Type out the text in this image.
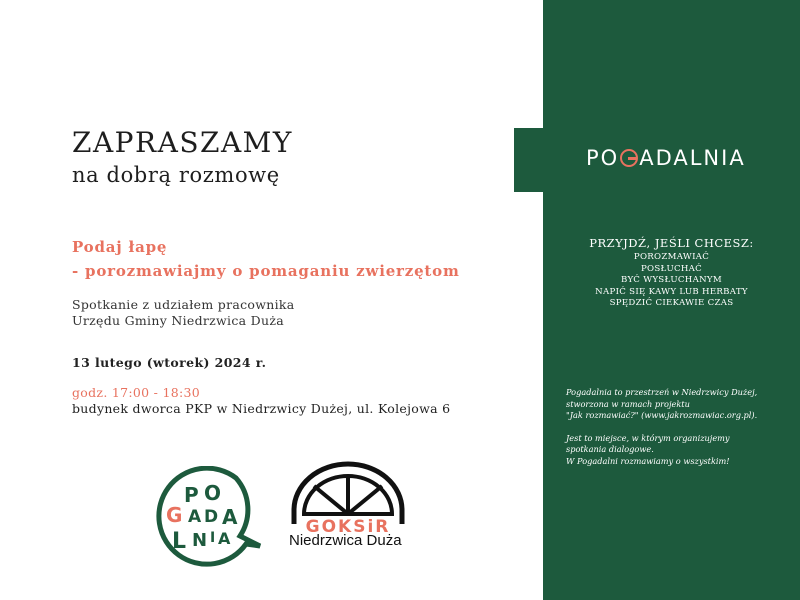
PO ADALNIA
PRZYJDŹ, JEŚLI CHCESZ:
POROZMAWIAĆ
POSŁUCHAĆ
BYĆ WYSŁUCHANYM
NAPIĆ SIĘ KAWY LUB HERBATY
SPĘDZIĆ CIEKAWIE CZAS

Pogadalnia to przestrzeń w Niedrzwicy Dużej,
stworzona w ramach projektu
"Jak rozmawiać?" (www.jakrozmawiac.org.pl).

Jest to miejsce, w którym organizujemy
spotkania dialogowe.
W Pogadalni rozmawiamy o wszystkim!

ZAPRASZAMY
na dobrą rozmowę
Podaj łapę
- porozmawiajmy o pomaganiu zwierzętom
Spotkanie z udziałem pracownika
Urzędu Gminy Niedrzwica Duża
13 lutego (wtorek) 2024 r.
godz. 17:00 - 18:30
budynek dworca PKP w Niedrzwicy Dużej, ul. Kolejowa 6
P O
G A D A
L N I A
GOKSiR
Niedrzwica Duża
